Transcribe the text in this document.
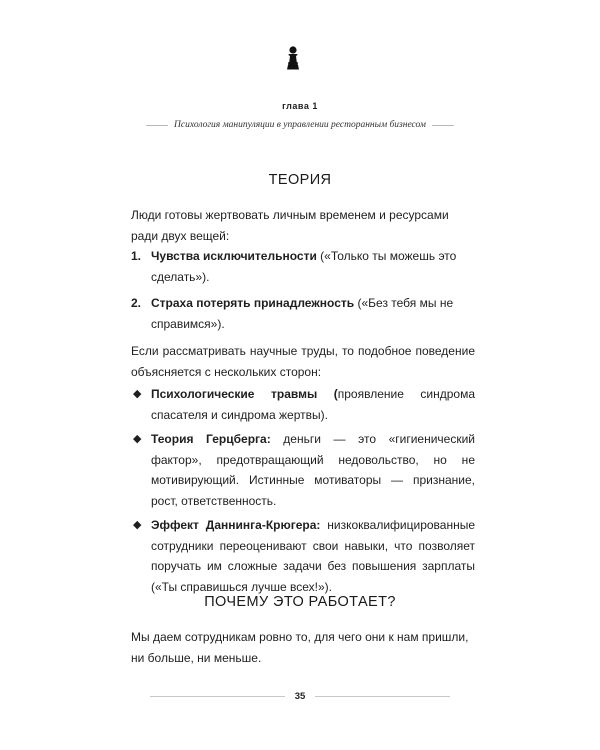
глава 1
Психология манипуляции в управлении ресторанным бизнесом
ТЕОРИЯ
Люди готовы жертвовать личным временем и ресурсами ради двух вещей:
1. Чувства исключительности («Только ты можешь это сделать»).
2. Страха потерять принадлежность («Без тебя мы не справимся»).
Если рассматривать научные труды, то подобное поведение объясняется с нескольких сторон:
◆ Психологические травмы (проявление синдрома спасателя и синдрома жертвы).
◆ Теория Герцберга: деньги — это «гигиенический фактор», предотвращающий недовольство, но не мотивирующий. Истинные мотиваторы — признание, рост, ответственность.
◆ Эффект Даннинга-Крюгера: низкоквалифицированные сотрудники переоценивают свои навыки, что позволяет поручать им сложные задачи без повышения зарплаты («Ты справишься лучше всех!»).
ПОЧЕМУ ЭТО РАБОТАЕТ?
Мы даем сотрудникам ровно то, для чего они к нам пришли, ни больше, ни меньше.
35
